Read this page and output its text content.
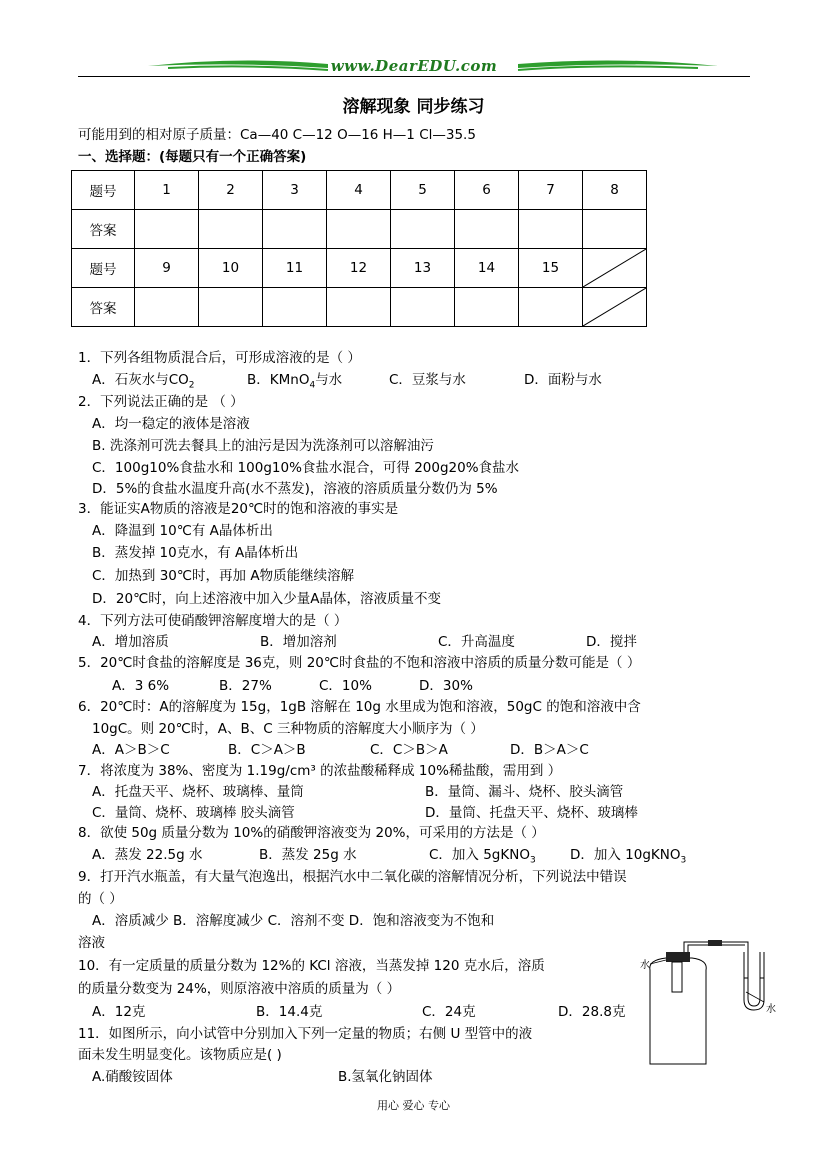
www.DearEDU.com
溶解现象 同步练习
可能用到的相对原子质量：Ca—40 C—12 O—16 H—1 Cl—35.5
一、选择题：(每题只有一个正确答案)
题号	1	2	3	4	5	6	7	8
答案								
题号	9	10	11	12	13	14	15	

答案								
1．下列各组物质混合后，可形成溶液的是（ ）
A．石灰水与$CO_2$	B．KMnO$_4$与水	C．豆浆与水	D．面粉与水
2．下列说法正确的是 （ ）
A．均一稳定的液体是溶液
B. 洗涤剂可洗去餐具上的油污是因为洗涤剂可以溶解油污
C．100g10%食盐水和 100g10%食盐水混合，可得 200g20%食盐水
D．5%的食盐水温度升高(水不蒸发)，溶液的溶质质量分数仍为 5%
3．能证实A物质的溶液是20℃时的饱和溶液的事实是
A．降温到 10℃有 A晶体析出
B．蒸发掉 10克水，有 A晶体析出
C．加热到 30℃时，再加 A物质能继续溶解
D．20℃时，向上述溶液中加入少量A晶体，溶液质量不变
4．下列方法可使硝酸钾溶解度增大的是（ ）
A．增加溶质	B．增加溶剂	C．升高温度	D．搅拌
5．20℃时食盐的溶解度是 36克，则 20℃时食盐的不饱和溶液中溶质的质量分数可能是（ ）
A．3 6%	B．27%	C．10%	D．30%
6．20℃时：A的溶解度为 15g，1gB 溶解在 10g 水里成为饱和溶液，50gC 的饱和溶液中含
10gC。则 20℃时，A、B、C 三种物质的溶解度大小顺序为（ ）
A．A＞B＞C	B．C＞A＞B	C．C＞B＞A	D．B＞A＞C
7．将浓度为 38%、密度为 1.19g/cm³ 的浓盐酸稀释成 10%稀盐酸，需用到 ）
A．托盘天平、烧杯、玻璃棒、量筒	B．量筒、漏斗、烧杯、胶头滴管
C．量筒、烧杯、玻璃棒 胶头滴管	D．量筒、托盘天平、烧杯、玻璃棒
8．欲使 50g 质量分数为 10%的硝酸钾溶液变为 20%，可采用的方法是（ ）
A．蒸发 22.5g 水	B．蒸发 25g 水	C．加入 5gKNO$_3$	D．加入 10gKNO$_3$
9．打开汽水瓶盖，有大量气泡逸出，根据汽水中二氧化碳的溶解情况分析，下列说法中错误
的（ ）
A．溶质减少 B．溶解度减少 C．溶剂不变 D．饱和溶液变为不饱和
溶液
10．有一定质量的质量分数为 12%的 KCl 溶液，当蒸发掉 120 克水后，溶质
的质量分数变为 24%，则原溶液中溶质的质量为（ ）
A．12克	B．14.4克	C．24克	D．28.8克
11．如图所示，向小试管中分别加入下列一定量的物质；右侧 U 型管中的液
面未发生明显变化。该物质应是( )
A.硝酸铵固体	B.氢氧化钠固体
水
水
用心 爱心 专心
